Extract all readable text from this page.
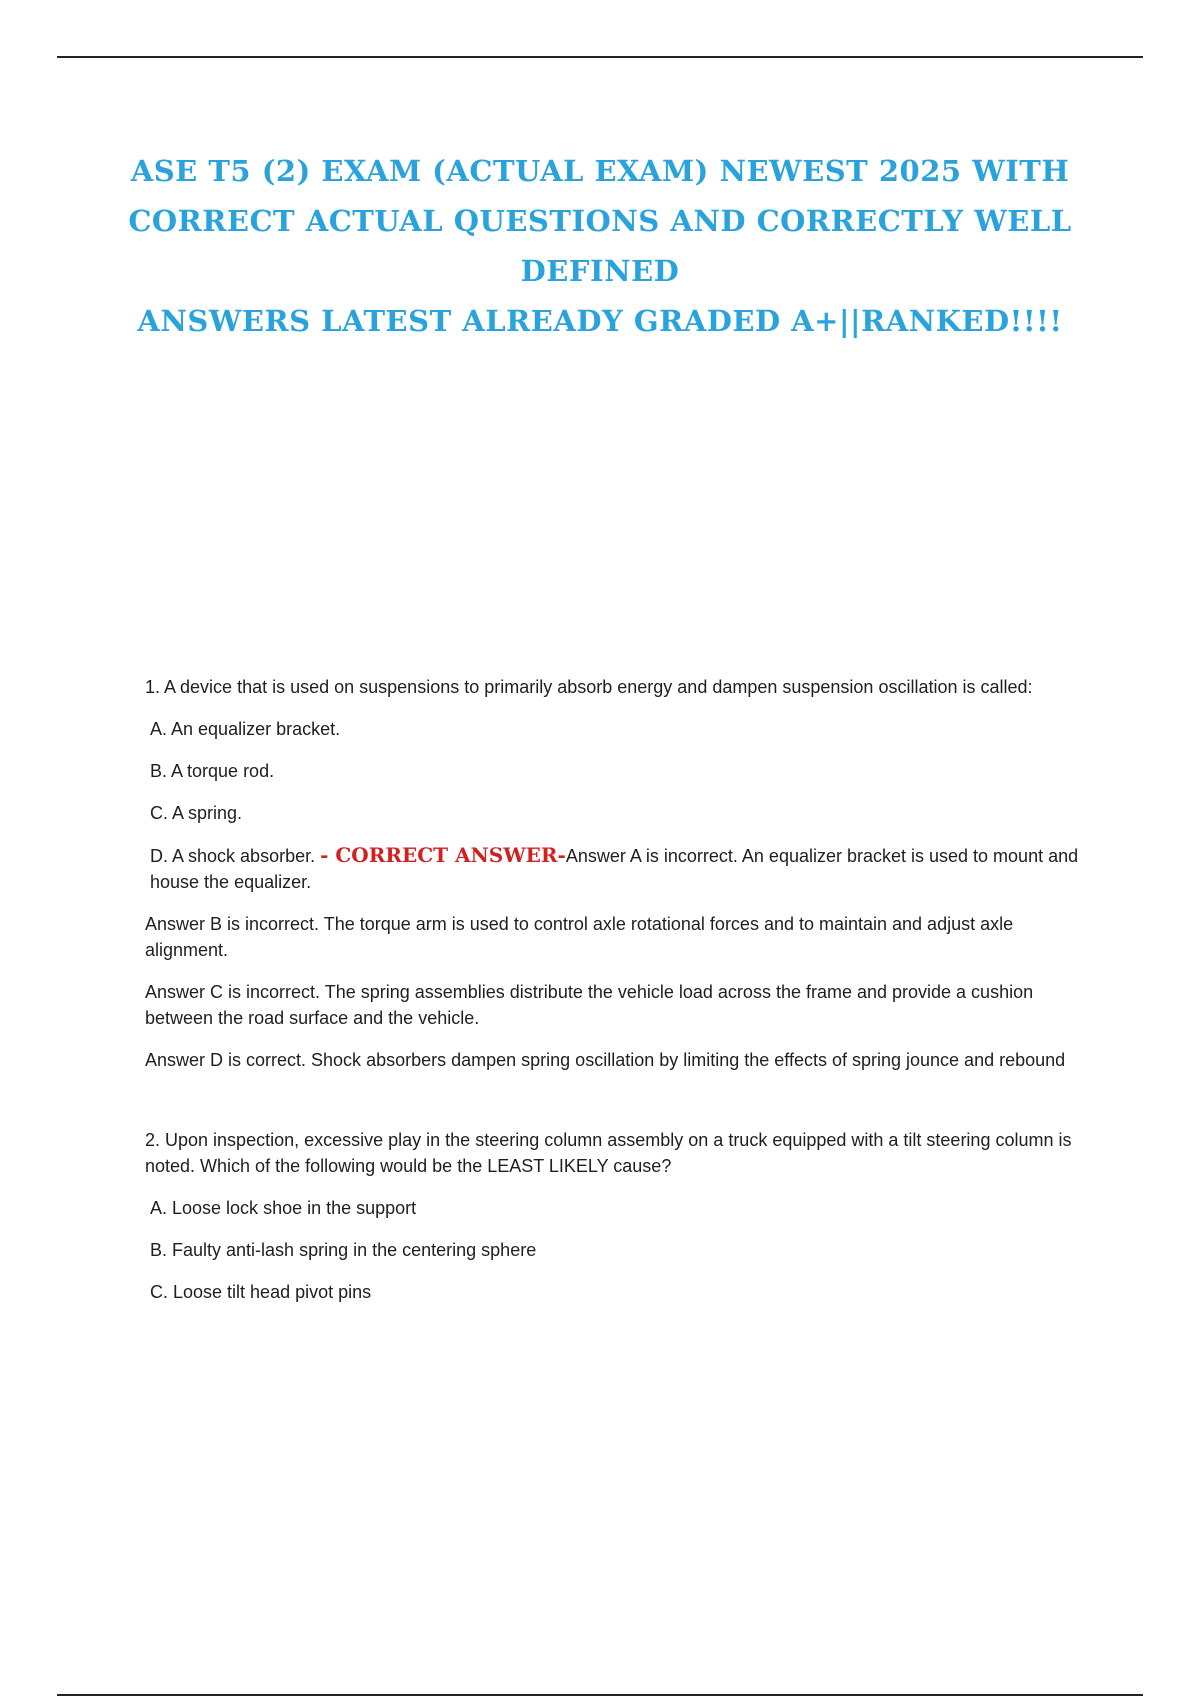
ASE T5 (2) EXAM (ACTUAL EXAM) NEWEST 2025 WITH
CORRECT ACTUAL QUESTIONS AND CORRECTLY WELL DEFINED
ANSWERS LATEST ALREADY GRADED A+||RANKED!!!!

1. A device that is used on suspensions to primarily absorb energy and dampen suspension oscillation is called:

A. An equalizer bracket.

B. A torque rod.

C. A spring.

D. A shock absorber. - CORRECT ANSWER-Answer A is incorrect. An equalizer bracket is used to mount and house the equalizer.

Answer B is incorrect. The torque arm is used to control axle rotational forces and to maintain and adjust axle alignment.

Answer C is incorrect. The spring assemblies distribute the vehicle load across the frame and provide a cushion between the road surface and the vehicle.

Answer D is correct. Shock absorbers dampen spring oscillation by limiting the effects of spring jounce and rebound

2. Upon inspection, excessive play in the steering column assembly on a truck equipped with a tilt steering column is noted. Which of the following would be the LEAST LIKELY cause?

A. Loose lock shoe in the support

B. Faulty anti-lash spring in the centering sphere

C. Loose tilt head pivot pins
